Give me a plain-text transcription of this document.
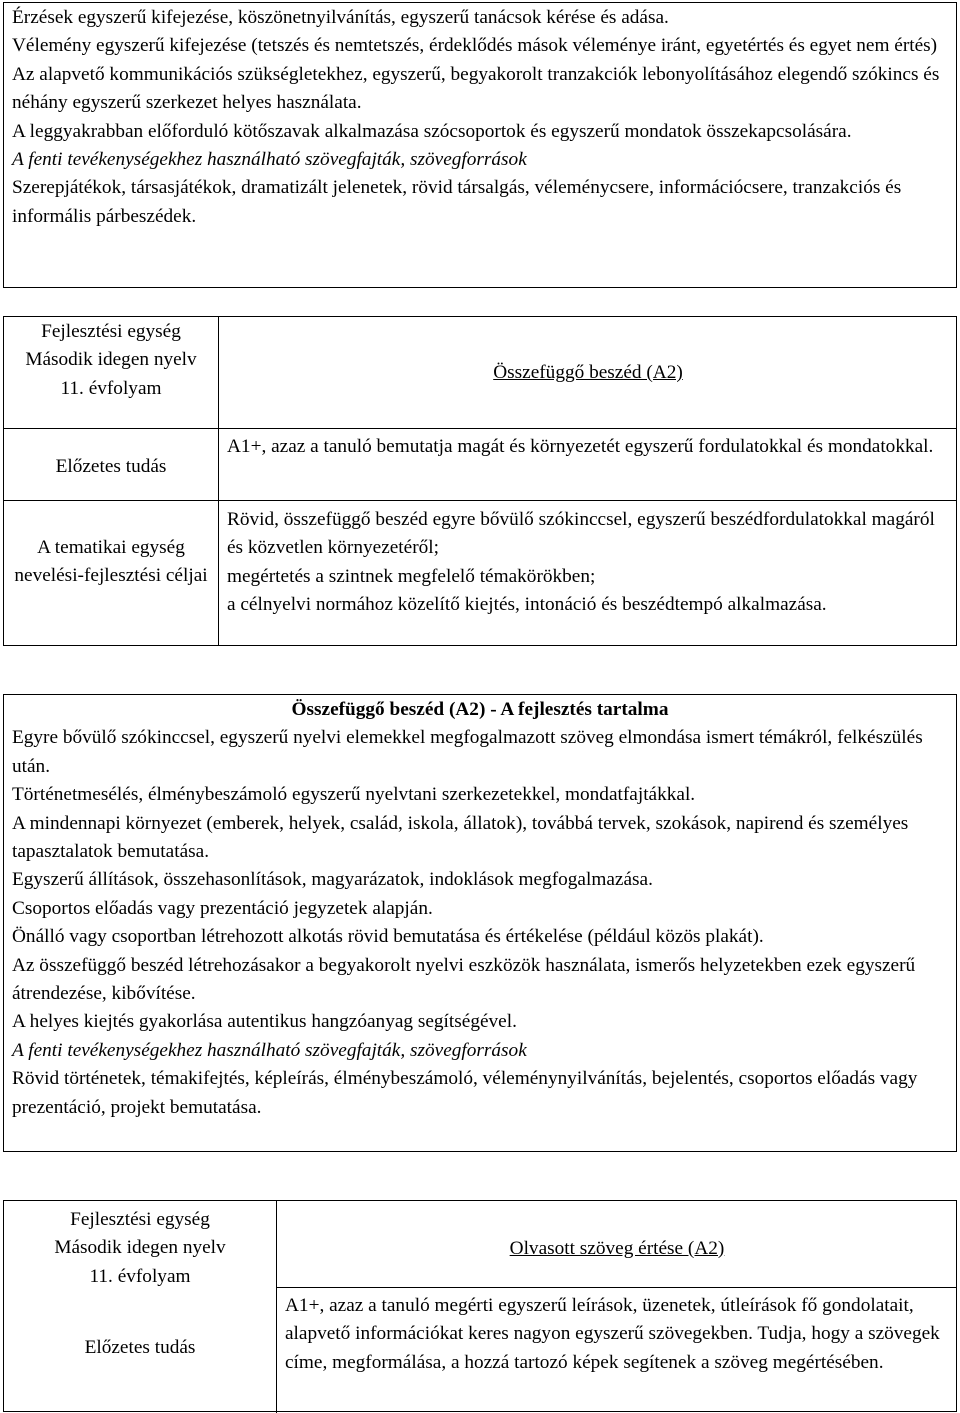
Érzések egyszerű kifejezése, köszönetnyilvánítás, egyszerű tanácsok kérése és adása.

Vélemény egyszerű kifejezése (tetszés és nemtetszés, érdeklődés mások véleménye iránt, egyetértés és egyet nem értés)

Az alapvető kommunikációs szükségletekhez, egyszerű, begyakorolt tranzakciók lebonyolításához elegendő szókincs és néhány egyszerű szerkezet helyes használata.

A leggyakrabban előforduló kötőszavak alkalmazása szócsoportok és egyszerű mondatok összekapcsolására.

A fenti tevékenységekhez használható szövegfajták, szövegforrások

Szerepjátékok, társasjátékok, dramatizált jelenetek, rövid társalgás, véleménycsere, információcsere, tranzakciós és informális párbeszédek.

Fejlesztési egység
Második idegen nyelv
11. évfolyam
Összefüggő beszéd (A2)
Előzetes tudás
A1+, azaz a tanuló bemutatja magát és környezetét egyszerű fordulatokkal és mondatokkal.
A tematikai egység nevelési-fejlesztési céljai

Rövid, összefüggő beszéd egyre bővülő szókinccsel, egyszerű beszédfordulatokkal magáról és közvetlen környezetéről;

megértetés a szintnek megfelelő témakörökben;

a célnyelvi normához közelítő kiejtés, intonáció és beszédtempó alkalmazása.

Összefüggő beszéd (A2) - A fejlesztés tartalma

Egyre bővülő szókinccsel, egyszerű nyelvi elemekkel megfogalmazott szöveg elmondása ismert témákról, felkészülés után.

Történetmesélés, élménybeszámoló egyszerű nyelvtani szerkezetekkel, mondatfajtákkal.

A mindennapi környezet (emberek, helyek, család, iskola, állatok), továbbá tervek, szokások, napirend és személyes tapasztalatok bemutatása.

Egyszerű állítások, összehasonlítások, magyarázatok, indoklások megfogalmazása.

Csoportos előadás vagy prezentáció jegyzetek alapján.

Önálló vagy csoportban létrehozott alkotás rövid bemutatása és értékelése (például közös plakát).

Az összefüggő beszéd létrehozásakor a begyakorolt nyelvi eszközök használata, ismerős helyzetekben ezek egyszerű átrendezése, kibővítése.

A helyes kiejtés gyakorlása autentikus hangzóanyag segítségével.

A fenti tevékenységekhez használható szövegfajták, szövegforrások

Rövid történetek, témakifejtés, képleírás, élménybeszámoló, véleménynyilvánítás, bejelentés, csoportos előadás vagy prezentáció, projekt bemutatása.

Fejlesztési egység
Második idegen nyelv
11. évfolyam
Olvasott szöveg értése (A2)
Előzetes tudás
A1+, azaz a tanuló megérti egyszerű leírások, üzenetek, útleírások fő gondolatait, alapvető információkat keres nagyon egyszerű szövegekben. Tudja, hogy a szövegek címe, megformálása, a hozzá tartozó képek segítenek a szöveg megértésében.
